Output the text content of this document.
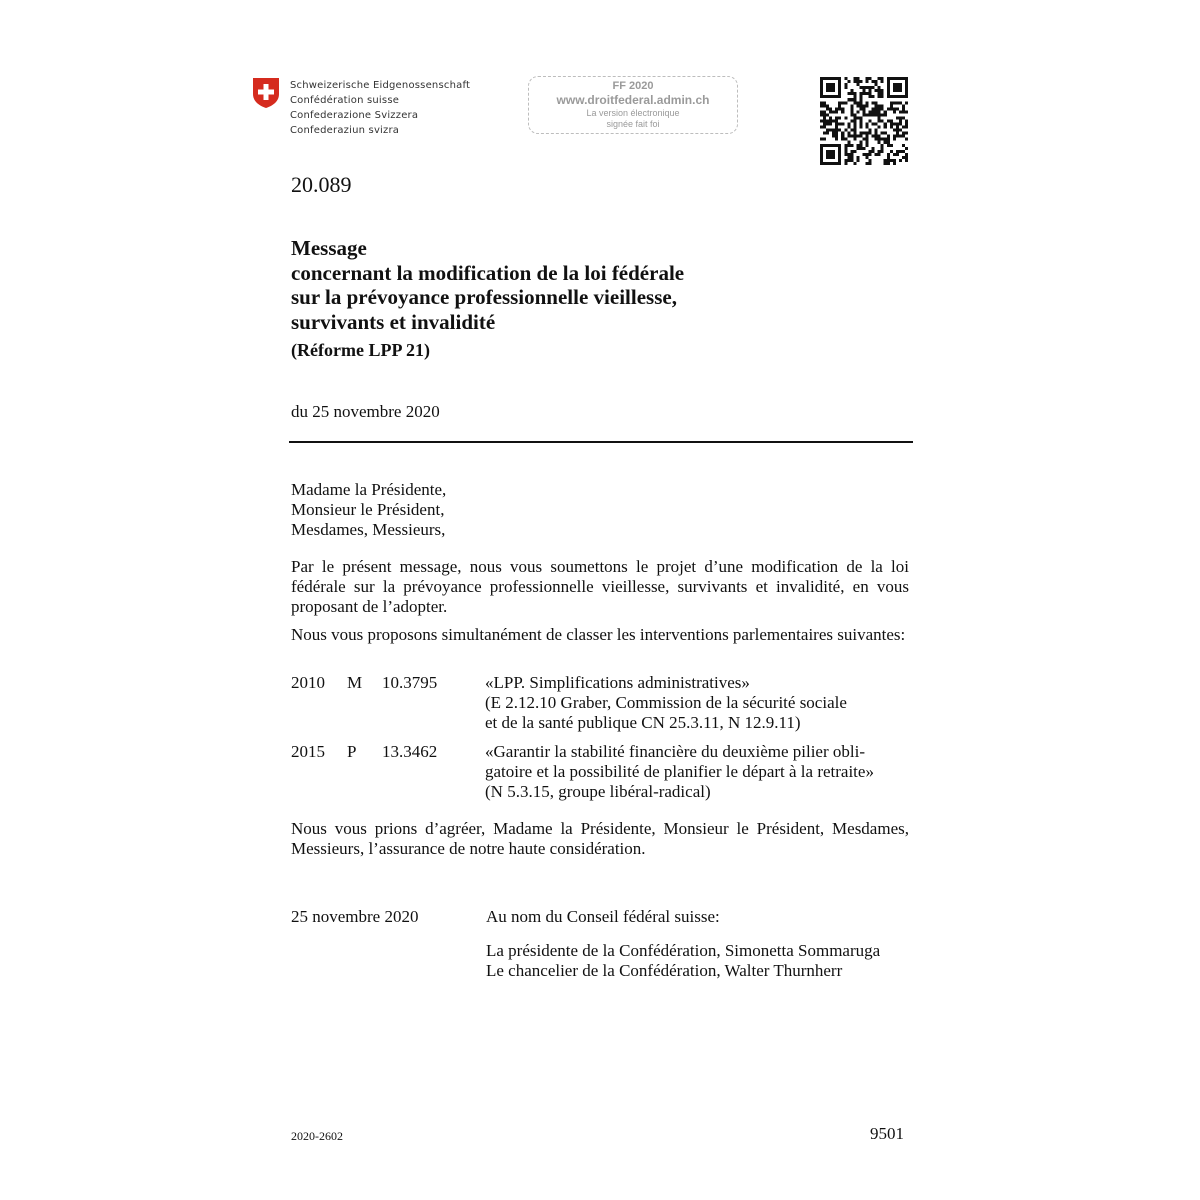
Schweizerische Eidgenossenschaft
Confédération suisse
Confederazione Svizzera
Confederaziun svizra
FF 2020
www.droitfederal.admin.ch
La version électronique
signée fait foi
20.089
Message
concernant la modification de la loi fédérale
sur la prévoyance professionnelle vieillesse,
survivants et invalidité
(Réforme LPP 21)
du 25 novembre 2020
Madame la Présidente,
Monsieur le Président,
Mesdames, Messieurs,
Par le présent message, nous vous soumettons le projet d’une modification de la loi fédérale sur la prévoyance professionnelle vieillesse, survivants et invalidité, en vous proposant de l’adopter.
Nous vous proposons simultanément de classer les interventions parlementaires suivantes:
2010 M 10.3795	«LPP. Simplifications administratives»
(E 2.12.10 Graber, Commission de la sécurité sociale
et de la santé publique CN 25.3.11, N 12.9.11)
2015 P 13.3462	«Garantir la stabilité financière du deuxième pilier obli-
gatoire et la possibilité de planifier le départ à la retraite»
(N 5.3.15, groupe libéral-radical)
Nous vous prions d’agréer, Madame la Présidente, Monsieur le Président, Mesdames, Messieurs, l’assurance de notre haute considération.
25 novembre 2020	Au nom du Conseil fédéral suisse:
La présidente de la Confédération, Simonetta Sommaruga
Le chancelier de la Confédération, Walter Thurnherr
2020-2602	9501
